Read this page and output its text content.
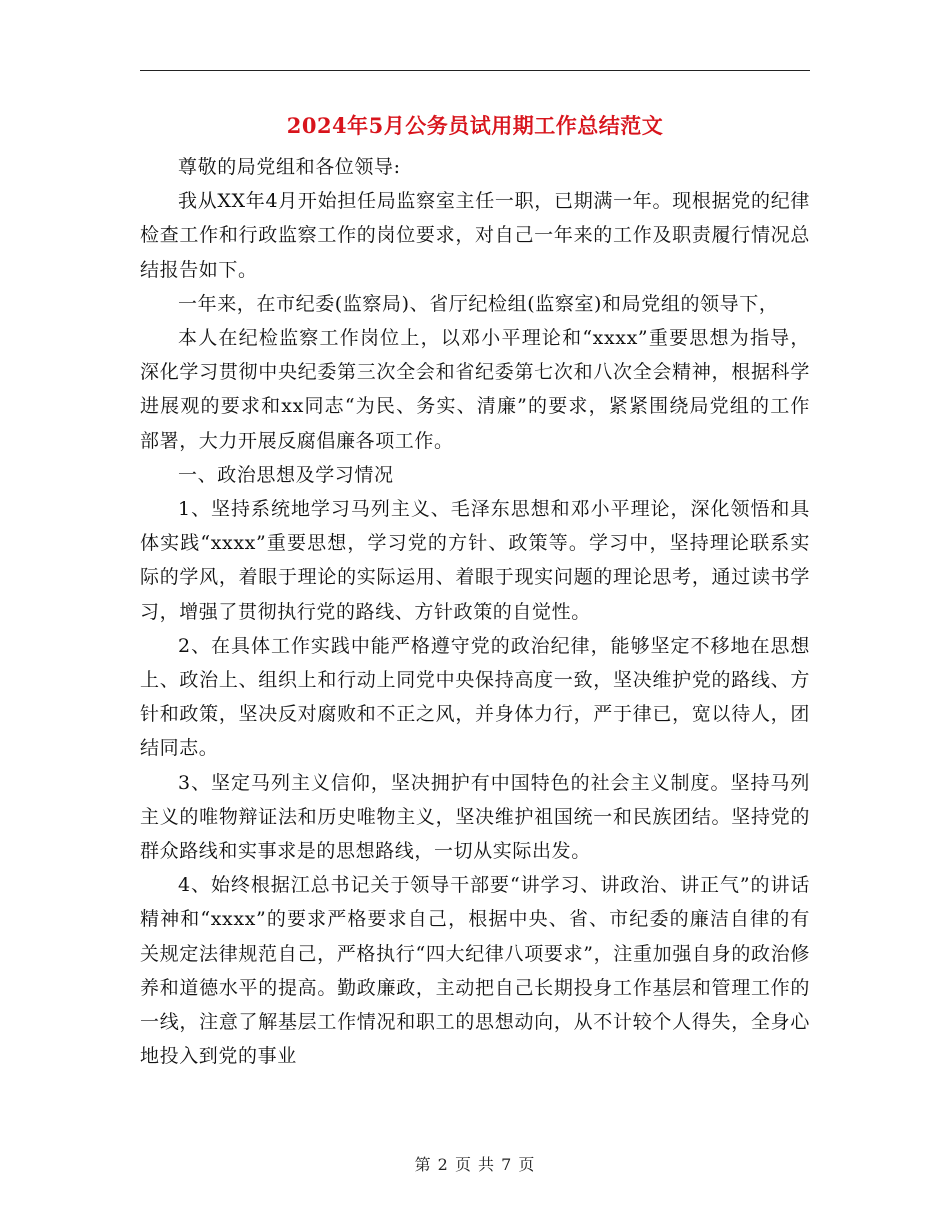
2024年5月公务员试用期工作总结范文

尊敬的局党组和各位领导:

我从XX年4月开始担任局监察室主任一职，已期满一年。现根据党的纪律检查工作和行政监察工作的岗位要求，对自己一年来的工作及职责履行情况总结报告如下。

一年来，在市纪委(监察局)、省厅纪检组(监察室)和局党组的领导下，

本人在纪检监察工作岗位上，以邓小平理论和“xxxx”重要思想为指导，深化学习贯彻中央纪委第三次全会和省纪委第七次和八次全会精神，根据科学进展观的要求和xx同志“为民、务实、清廉”的要求，紧紧围绕局党组的工作部署，大力开展反腐倡廉各项工作。

一、政治思想及学习情况

1、坚持系统地学习马列主义、毛泽东思想和邓小平理论，深化领悟和具体实践“xxxx”重要思想，学习党的方针、政策等。学习中，坚持理论联系实际的学风，着眼于理论的实际运用、着眼于现实问题的理论思考，通过读书学习，增强了贯彻执行党的路线、方针政策的自觉性。

2、在具体工作实践中能严格遵守党的政治纪律，能够坚定不移地在思想上、政治上、组织上和行动上同党中央保持高度一致，坚决维护党的路线、方针和政策，坚决反对腐败和不正之风，并身体力行，严于律已，宽以待人，团结同志。

3、坚定马列主义信仰，坚决拥护有中国特色的社会主义制度。坚持马列主义的唯物辩证法和历史唯物主义，坚决维护祖国统一和民族团结。坚持党的群众路线和实事求是的思想路线，一切从实际出发。

4、始终根据江总书记关于领导干部要“讲学习、讲政治、讲正气”的讲话精神和“xxxx”的要求严格要求自己，根据中央、省、市纪委的廉洁自律的有关规定法律规范自己，严格执行“四大纪律八项要求”，注重加强自身的政治修养和道德水平的提高。勤政廉政，主动把自己长期投身工作基层和管理工作的一线，注意了解基层工作情况和职工的思想动向，从不计较个人得失，全身心地投入到党的事业

第 2 页 共 7 页
